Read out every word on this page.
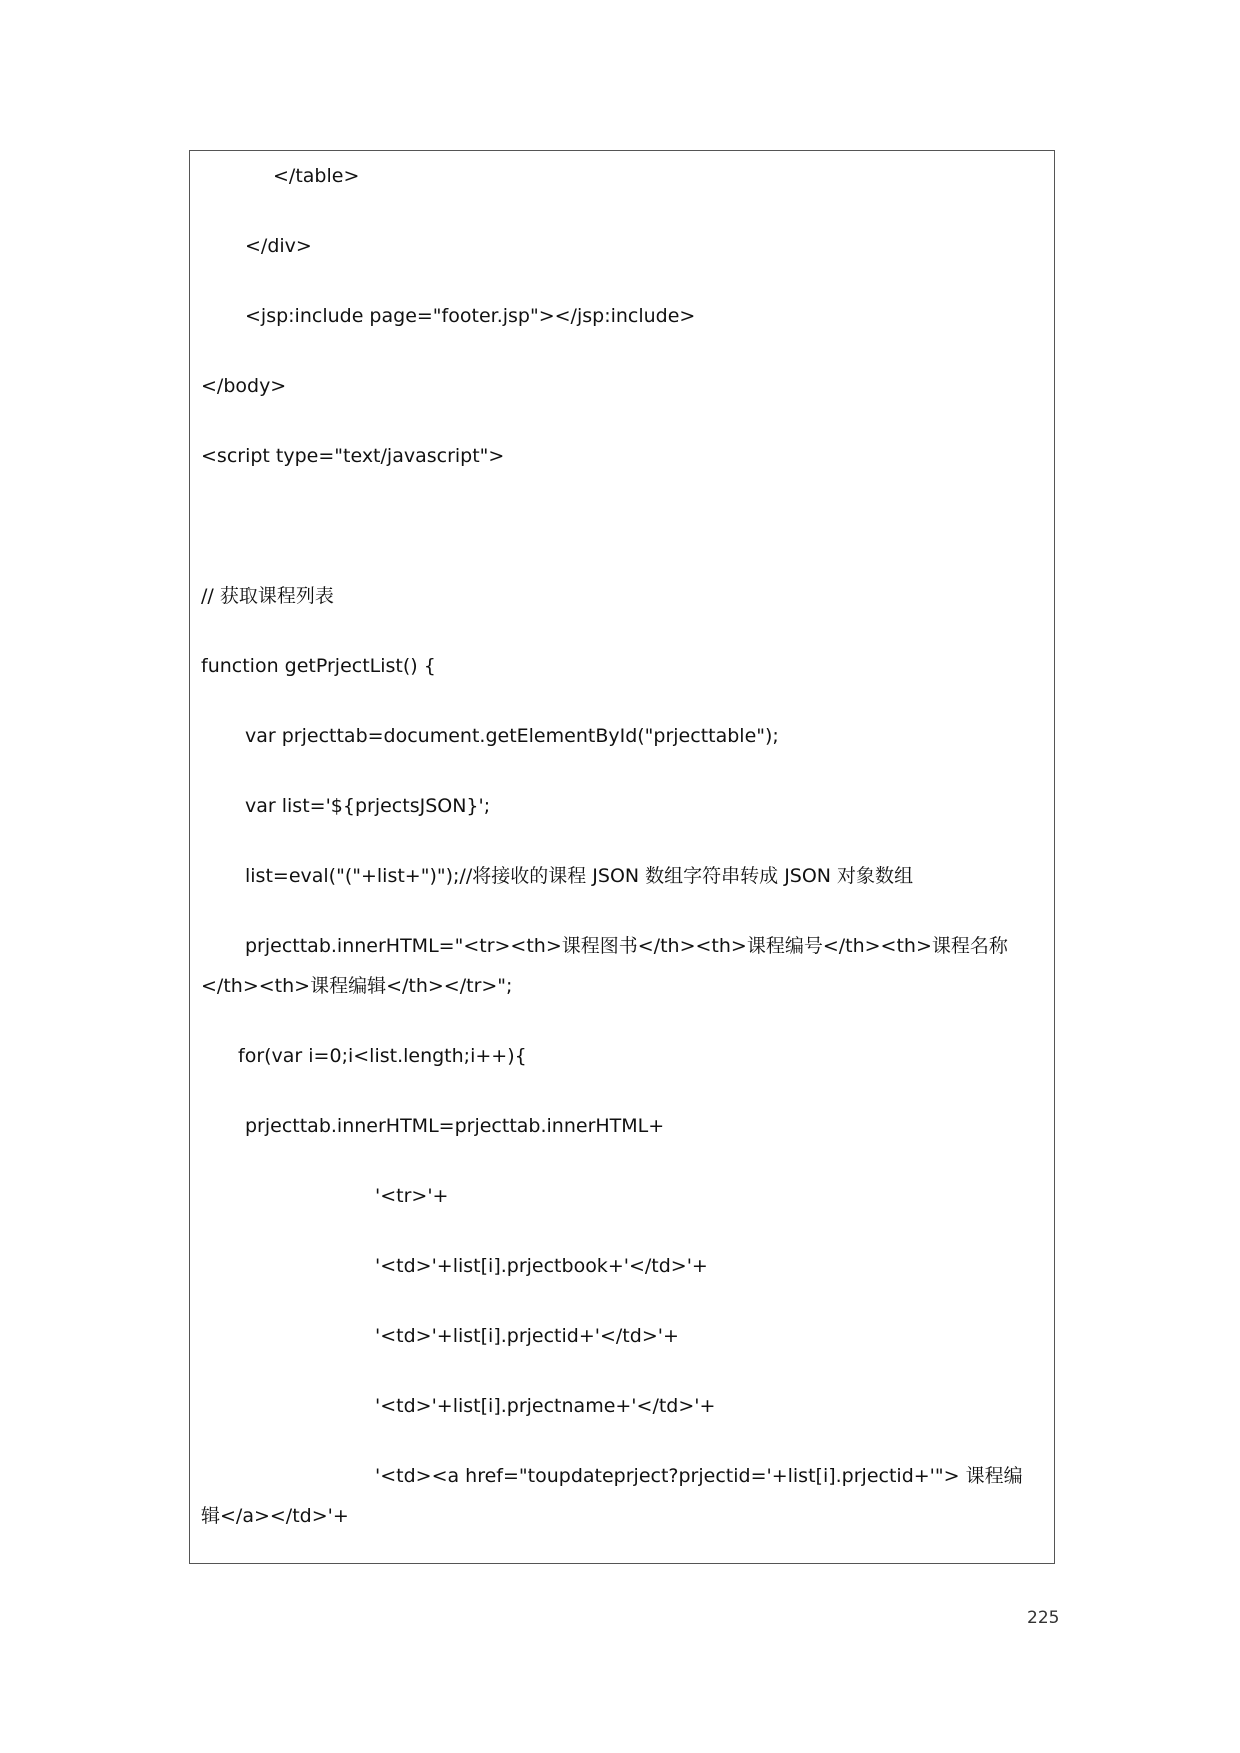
</table>
</div>
<jsp:include page="footer.jsp"></jsp:include>
</body>
<script type="text/javascript">
// 获取课程列表
function getPrjectList() {
var prjecttab=document.getElementById("prjecttable");
var list='${prjectsJSON}';
list=eval("("+list+")");//将接收的课程 JSON 数组字符串转成 JSON 对象数组
prjecttab.innerHTML="<tr><th>课程图书</th><th>课程编号</th><th>课程名称
</th><th>课程编辑</th></tr>";
for(var i=0;i<list.length;i++){
prjecttab.innerHTML=prjecttab.innerHTML+
'<tr>'+
'<td>'+list[i].prjectbook+'</td>'+
'<td>'+list[i].prjectid+'</td>'+
'<td>'+list[i].prjectname+'</td>'+
'<td><a href="toupdateprject?prjectid='+list[i].prjectid+'"> 课程编
辑</a></td>'+
225
